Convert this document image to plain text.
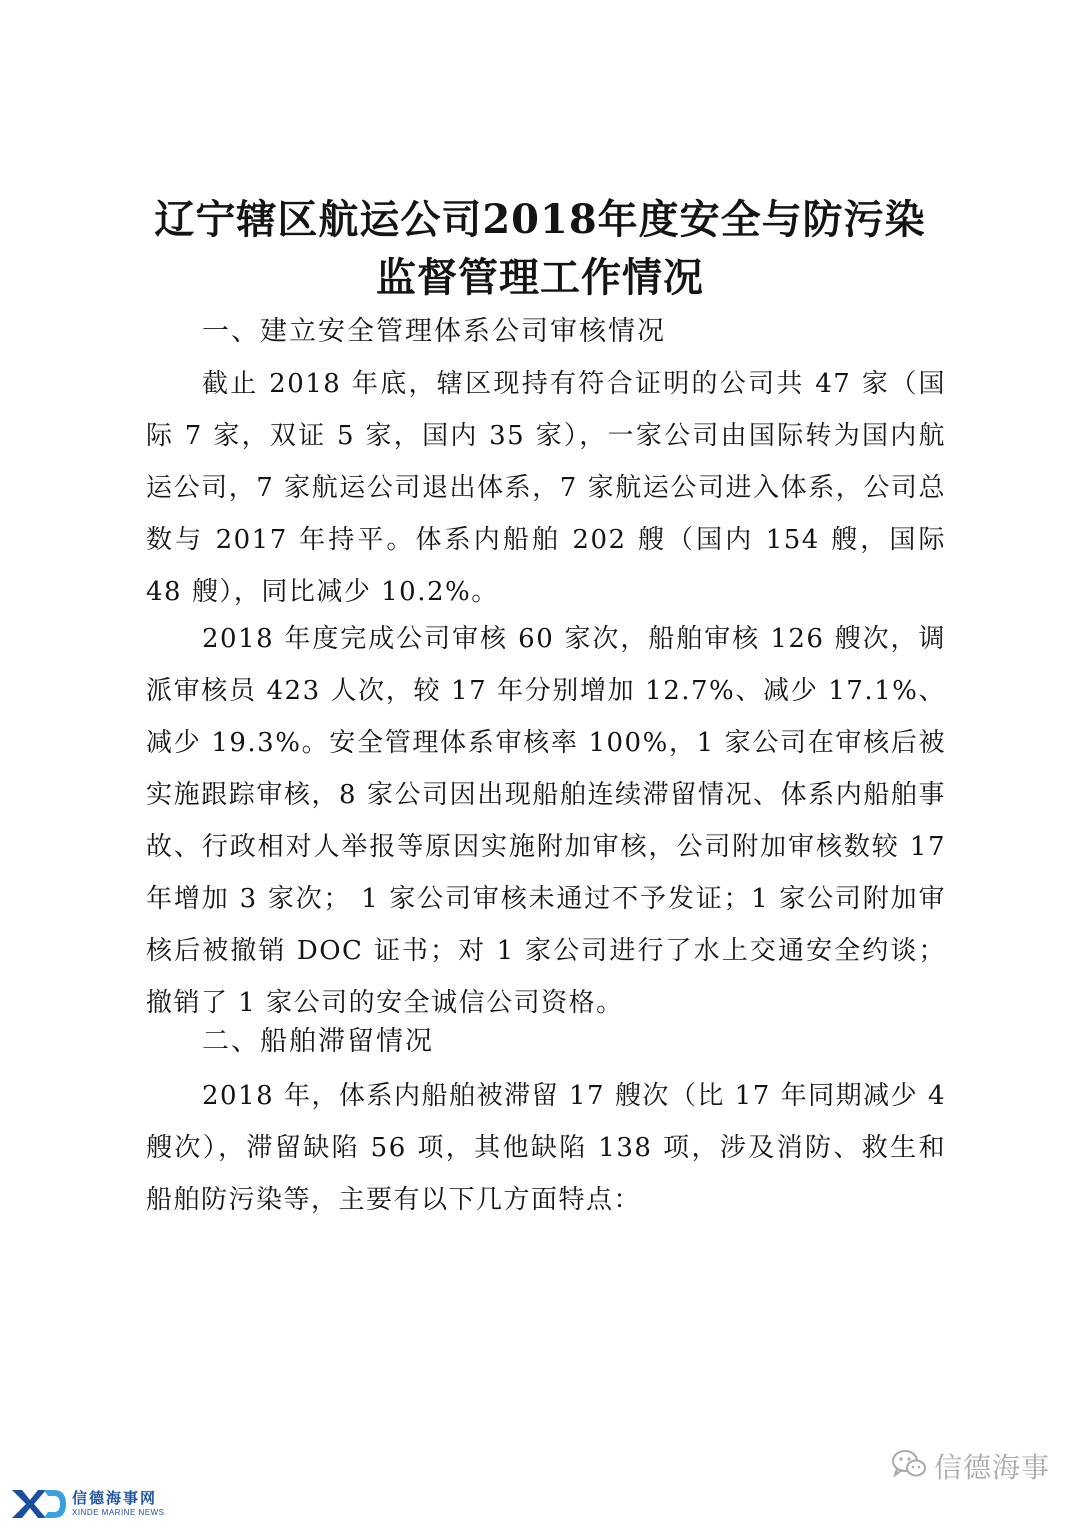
辽宁辖区航运公司2018年度安全与防污染
监督管理工作情况
一、建立安全管理体系公司审核情况

截止 2018 年底，辖区现持有符合证明的公司共 47 家（国际 7 家，双证 5 家，国内 35 家），一家公司由国际转为国内航运公司，7 家航运公司退出体系，7 家航运公司进入体系，公司总数与 2017 年持平。体系内船舶 202 艘（国内 154 艘，国际 48 艘），同比减少 10.2%。

2018 年度完成公司审核 60 家次，船舶审核 126 艘次，调派审核员 423 人次，较 17 年分别增加 12.7%、减少 17.1%、减少 19.3%。安全管理体系审核率 100%，1 家公司在审核后被实施跟踪审核，8 家公司因出现船舶连续滞留情况、体系内船舶事故、行政相对人举报等原因实施附加审核，公司附加审核数较 17 年增加 3 家次； 1 家公司审核未通过不予发证；1 家公司附加审核后被撤销 DOC 证书；对 1 家公司进行了水上交通安全约谈；撤销了 1 家公司的安全诚信公司资格。

二、船舶滞留情况

2018 年，体系内船舶被滞留 17 艘次（比 17 年同期减少 4 艘次），滞留缺陷 56 项，其他缺陷 138 项，涉及消防、救生和船舶防污染等，主要有以下几方面特点：

信德海事网
XINDE MARINE NEWS
信德海事
